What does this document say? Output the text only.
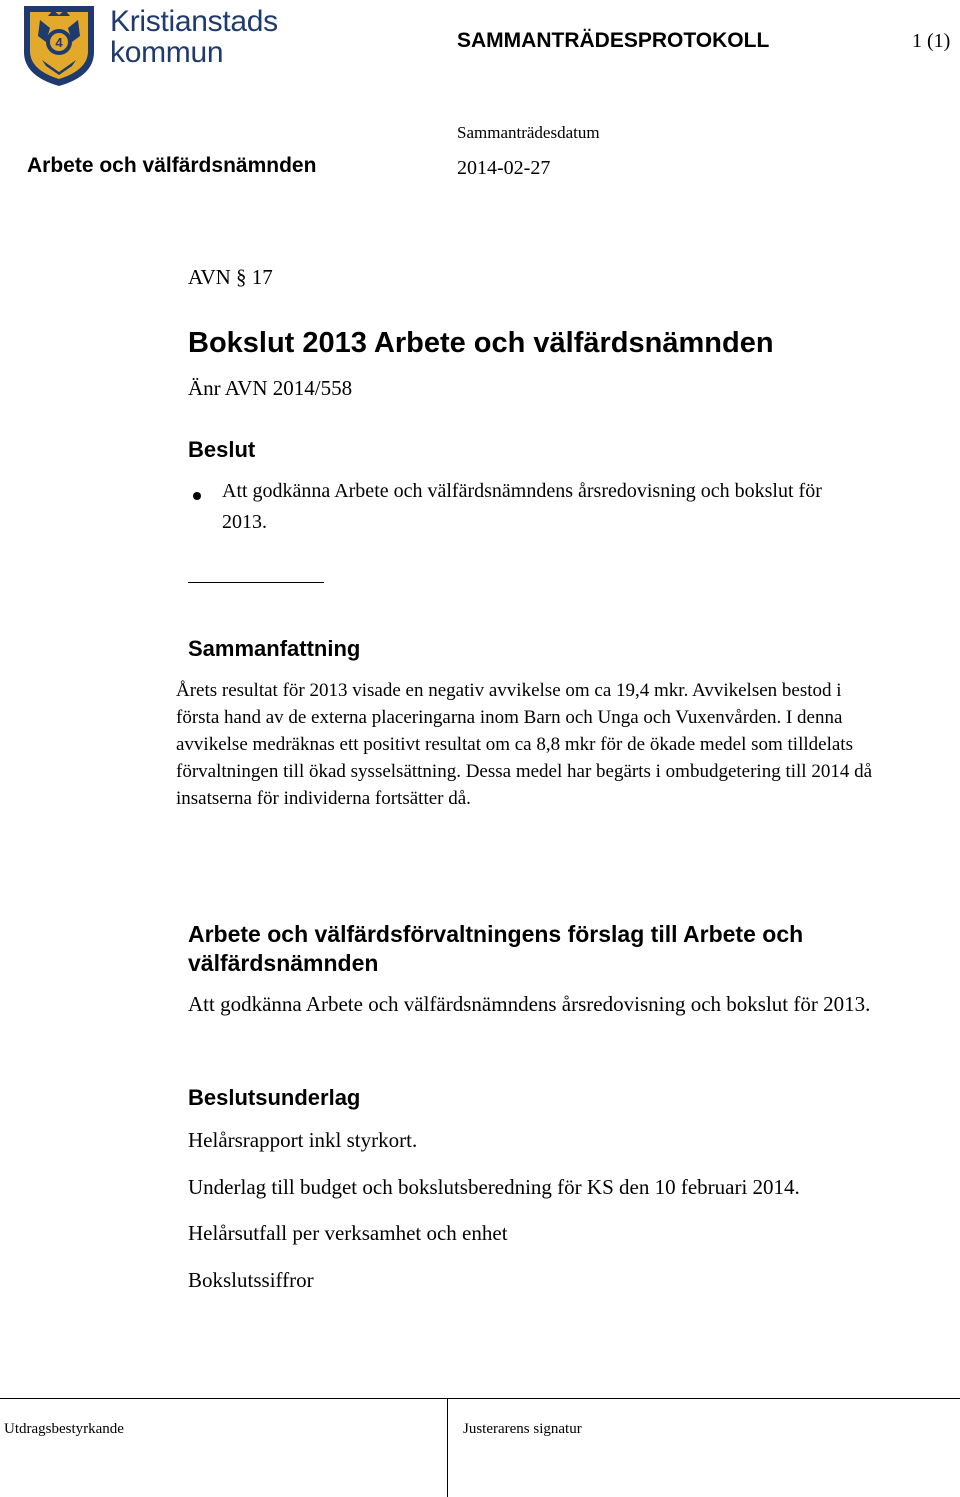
4
Kristianstads
kommun	SAMMANTRÄDESPROTOKOLL	1 (1)
Sammanträdesdatum
Arbete och välfärdsnämnden	2014-02-27
AVN § 17
Bokslut 2013 Arbete och välfärdsnämnden
Änr AVN 2014/558
Beslut
Att godkänna Arbete och välfärdsnämndens årsredovisning och bokslut för 2013.
Sammanfattning
Årets resultat för 2013 visade en negativ avvikelse om ca 19,4 mkr. Avvikelsen bestod i första hand av de externa placeringarna inom Barn och Unga och Vuxenvården. I denna avvikelse medräknas ett positivt resultat om ca 8,8 mkr för de ökade medel som tilldelats förvaltningen till ökad sysselsättning. Dessa medel har begärts i ombudgetering till 2014 då insatserna för individerna fortsätter då.
Arbete och välfärdsförvaltningens förslag till Arbete och välfärdsnämnden
Att godkänna Arbete och välfärdsnämndens årsredovisning och bokslut för 2013.
Beslutsunderlag
Helårsrapport inkl styrkort.
Underlag till budget och bokslutsberedning för KS den 10 februari 2014.
Helårsutfall per verksamhet och enhet
Bokslutssiffror
Utdragsbestyrkande	Justerarens signatur
